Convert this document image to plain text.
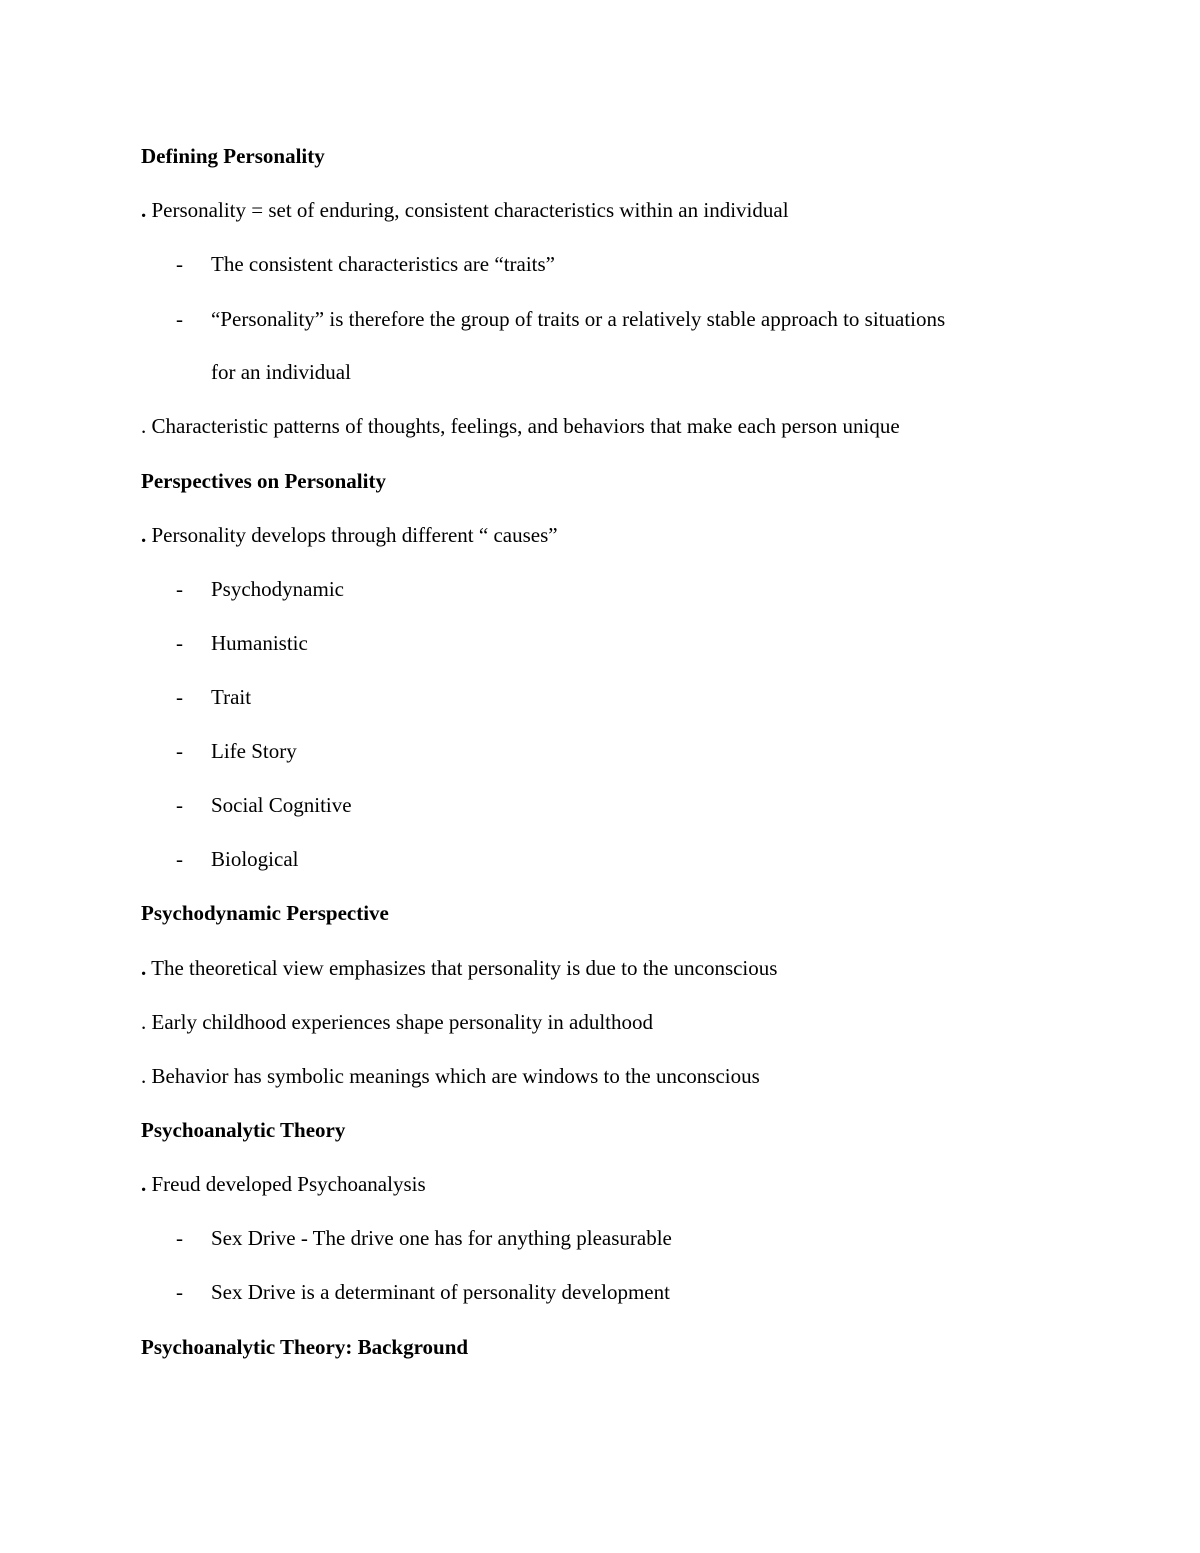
Defining Personality
. Personality = set of enduring, consistent characteristics within an individual
- The consistent characteristics are “traits”
- “Personality” is therefore the group of traits or a relatively stable approach to situations
for an individual
. Characteristic patterns of thoughts, feelings, and behaviors that make each person unique
Perspectives on Personality
. Personality develops through different “ causes”
- Psychodynamic
- Humanistic
- Trait
- Life Story
- Social Cognitive
- Biological
Psychodynamic Perspective
. The theoretical view emphasizes that personality is due to the unconscious
. Early childhood experiences shape personality in adulthood
. Behavior has symbolic meanings which are windows to the unconscious
Psychoanalytic Theory
. Freud developed Psychoanalysis
- Sex Drive - The drive one has for anything pleasurable
- Sex Drive is a determinant of personality development
Psychoanalytic Theory: Background
